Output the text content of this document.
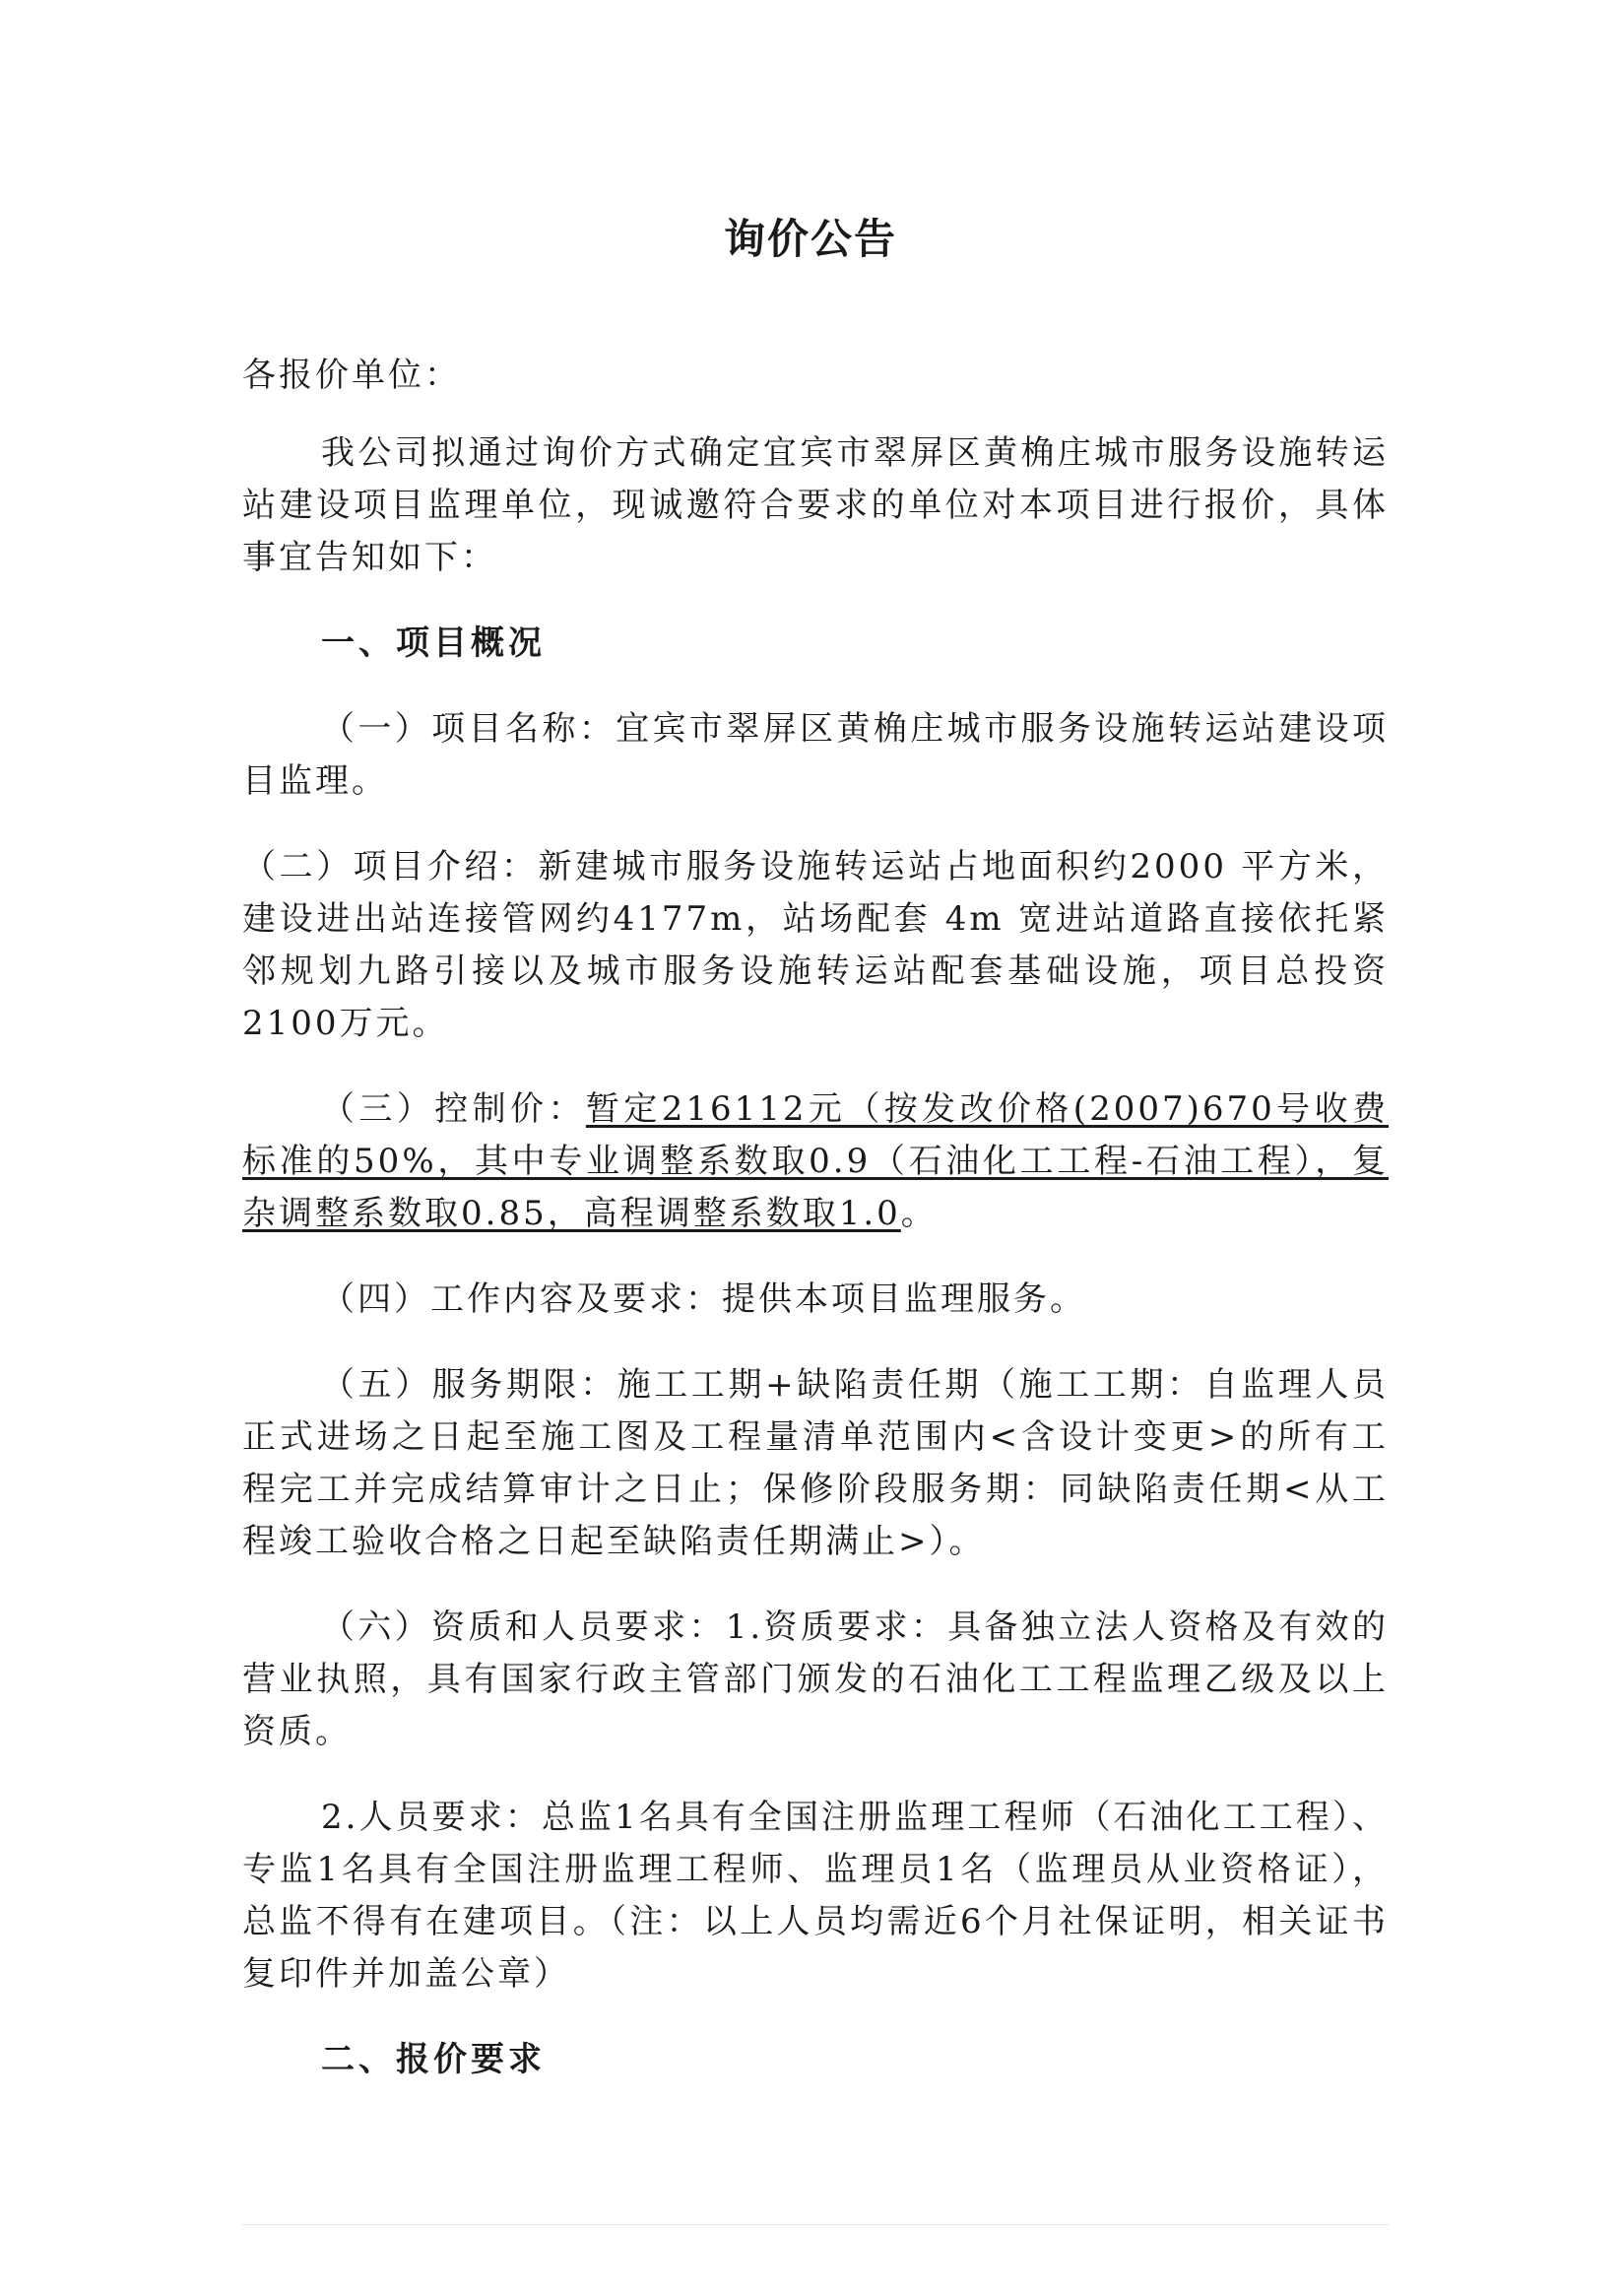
询价公告

各报价单位：

我公司拟通过询价方式确定宜宾市翠屏区黄桷庄城市服务设施转运站建设项目监理单位，现诚邀符合要求的单位对本项目进行报价，具体事宜告知如下：

一、项目概况

（一）项目名称：宜宾市翠屏区黄桷庄城市服务设施转运站建设项目监理。

（二）项目介绍：新建城市服务设施转运站占地面积约2000 平方米，建设进出站连接管网约4177m，站场配套 4m 宽进站道路直接依托紧邻规划九路引接以及城市服务设施转运站配套基础设施，项目总投资2100万元。

（三）控制价：暂定216112元（按发改价格(2007)670号收费标准的50%，其中专业调整系数取0.9（石油化工工程-石油工程），复杂调整系数取0.85，高程调整系数取1.0。

（四）工作内容及要求：提供本项目监理服务。

（五）服务期限：施工工期+缺陷责任期（施工工期：自监理人员正式进场之日起至施工图及工程量清单范围内<含设计变更>的所有工程完工并完成结算审计之日止；保修阶段服务期：同缺陷责任期<从工程竣工验收合格之日起至缺陷责任期满止>）。

（六）资质和人员要求：1.资质要求：具备独立法人资格及有效的营业执照，具有国家行政主管部门颁发的石油化工工程监理乙级及以上资质。

2.人员要求：总监1名具有全国注册监理工程师（石油化工工程）、专监1名具有全国注册监理工程师、监理员1名（监理员从业资格证），总监不得有在建项目。（注：以上人员均需近6个月社保证明，相关证书复印件并加盖公章）

二、报价要求
